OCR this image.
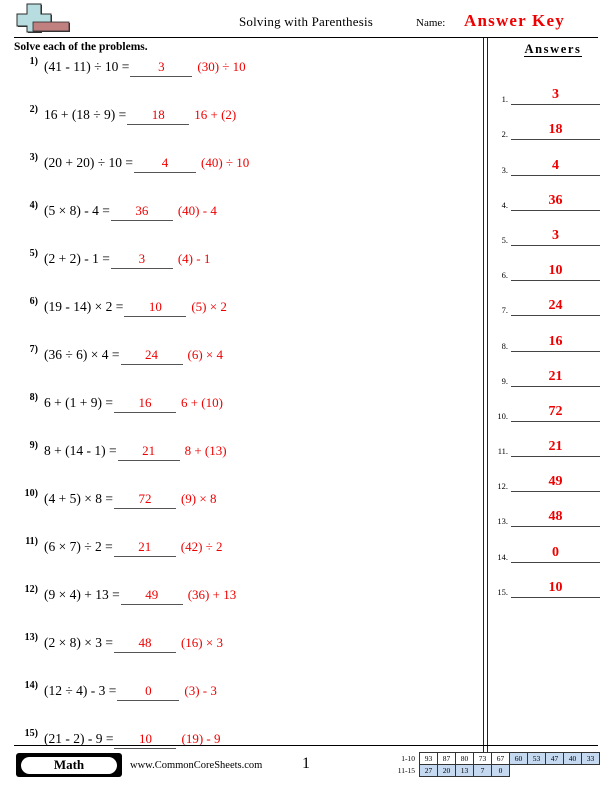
Solving with Parenthesis	Name: Answer Key
Solve each of the problems.
1) (41 - 11) ÷ 10 = 3	(30) ÷ 10
2) 16 + (18 ÷ 9) = 18 16 + (2)
3) (20 + 20) ÷ 10 = 4	(40) ÷ 10
4) (5 × 8) - 4 = 36 (40) - 4
5) (2 + 2) - 1 = 3	(4) - 1
6) (19 - 14) × 2 = 10 (5) × 2
7) (36 ÷ 6) × 4 = 24 (6) × 4
8) 6 + (1 + 9) = 16 6 + (10)
9) 8 + (14 - 1) = 21 8 + (13)
10) (4 + 5) × 8 = 72 (9) × 8
11) (6 × 7) ÷ 2 = 21 (42) ÷ 2
12) (9 × 4) + 13 = 49 (36) + 13
13) (2 × 8) × 3 = 48 (16) × 3
14) (12 ÷ 4) - 3 = 0	(3) - 3
15) (21 - 2) - 9 = 10 (19) - 9
Answers
1.	3
2.	18
3.	4
4.	36
5.	3
6.	10
7.	24
8.	16
9.	21
10.	72
11.	21
12.	49
13.	48
14.	0
15.	10
Math	www.CommonCoreSheets.com	1	1-10	93	87	80	73	67	60	53	47	40	33
11-15	27	20	13	7	0					
